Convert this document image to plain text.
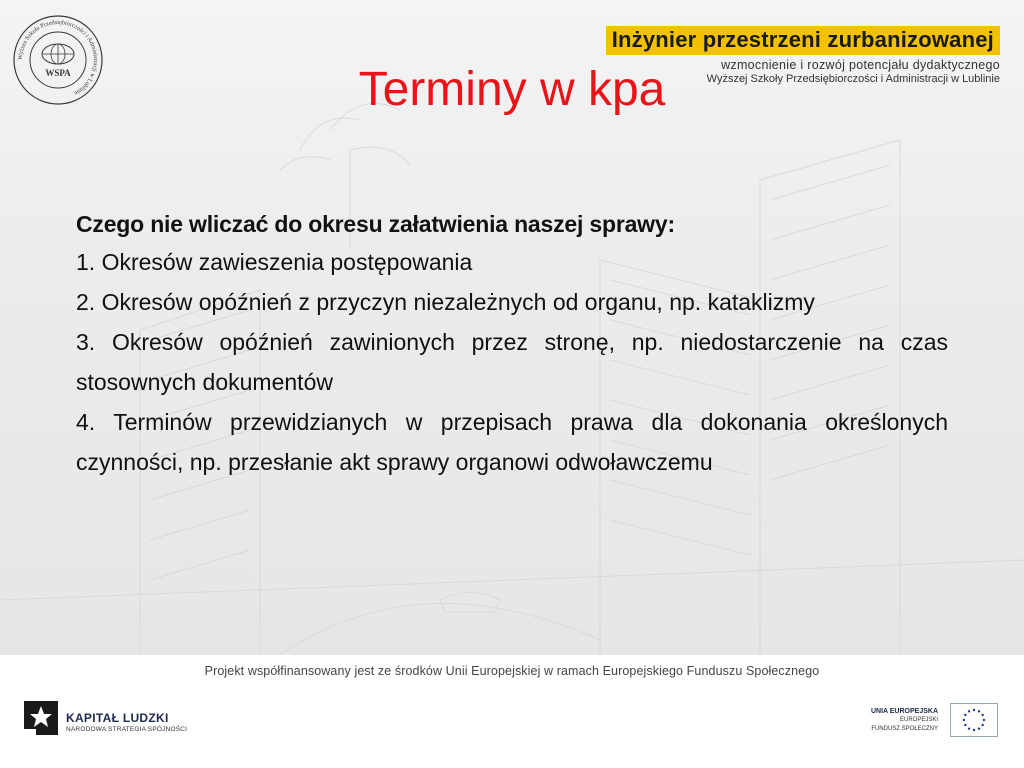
WSPA
Wyższa Szkoła Przedsiębiorczości i Administracji w Lublinie
Inżynier przestrzeni zurbanizowanej
wzmocnienie i rozwój potencjału dydaktycznego
Wyższej Szkoły Przedsiębiorczości i Administracji w Lublinie
Terminy w kpa
Czego nie wliczać do okresu załatwienia naszej sprawy:
1. Okresów zawieszenia postępowania
2. Okresów opóźnień z przyczyn niezależnych od organu, np. kataklizmy
3. Okresów opóźnień zawinionych przez stronę, np. niedostarczenie na czas stosownych dokumentów
4. Terminów przewidzianych w przepisach prawa dla dokonania określonych czynności, np. przesłanie akt sprawy organowi odwoławczemu
Projekt współfinansowany jest ze środków Unii Europejskiej w ramach Europejskiego Funduszu Społecznego
KAPITAŁ LUDZKI
NARODOWA STRATEGIA SPÓJNOŚCI
UNIA EUROPEJSKA
EUROPEJSKI
FUNDUSZ SPOŁECZNY
